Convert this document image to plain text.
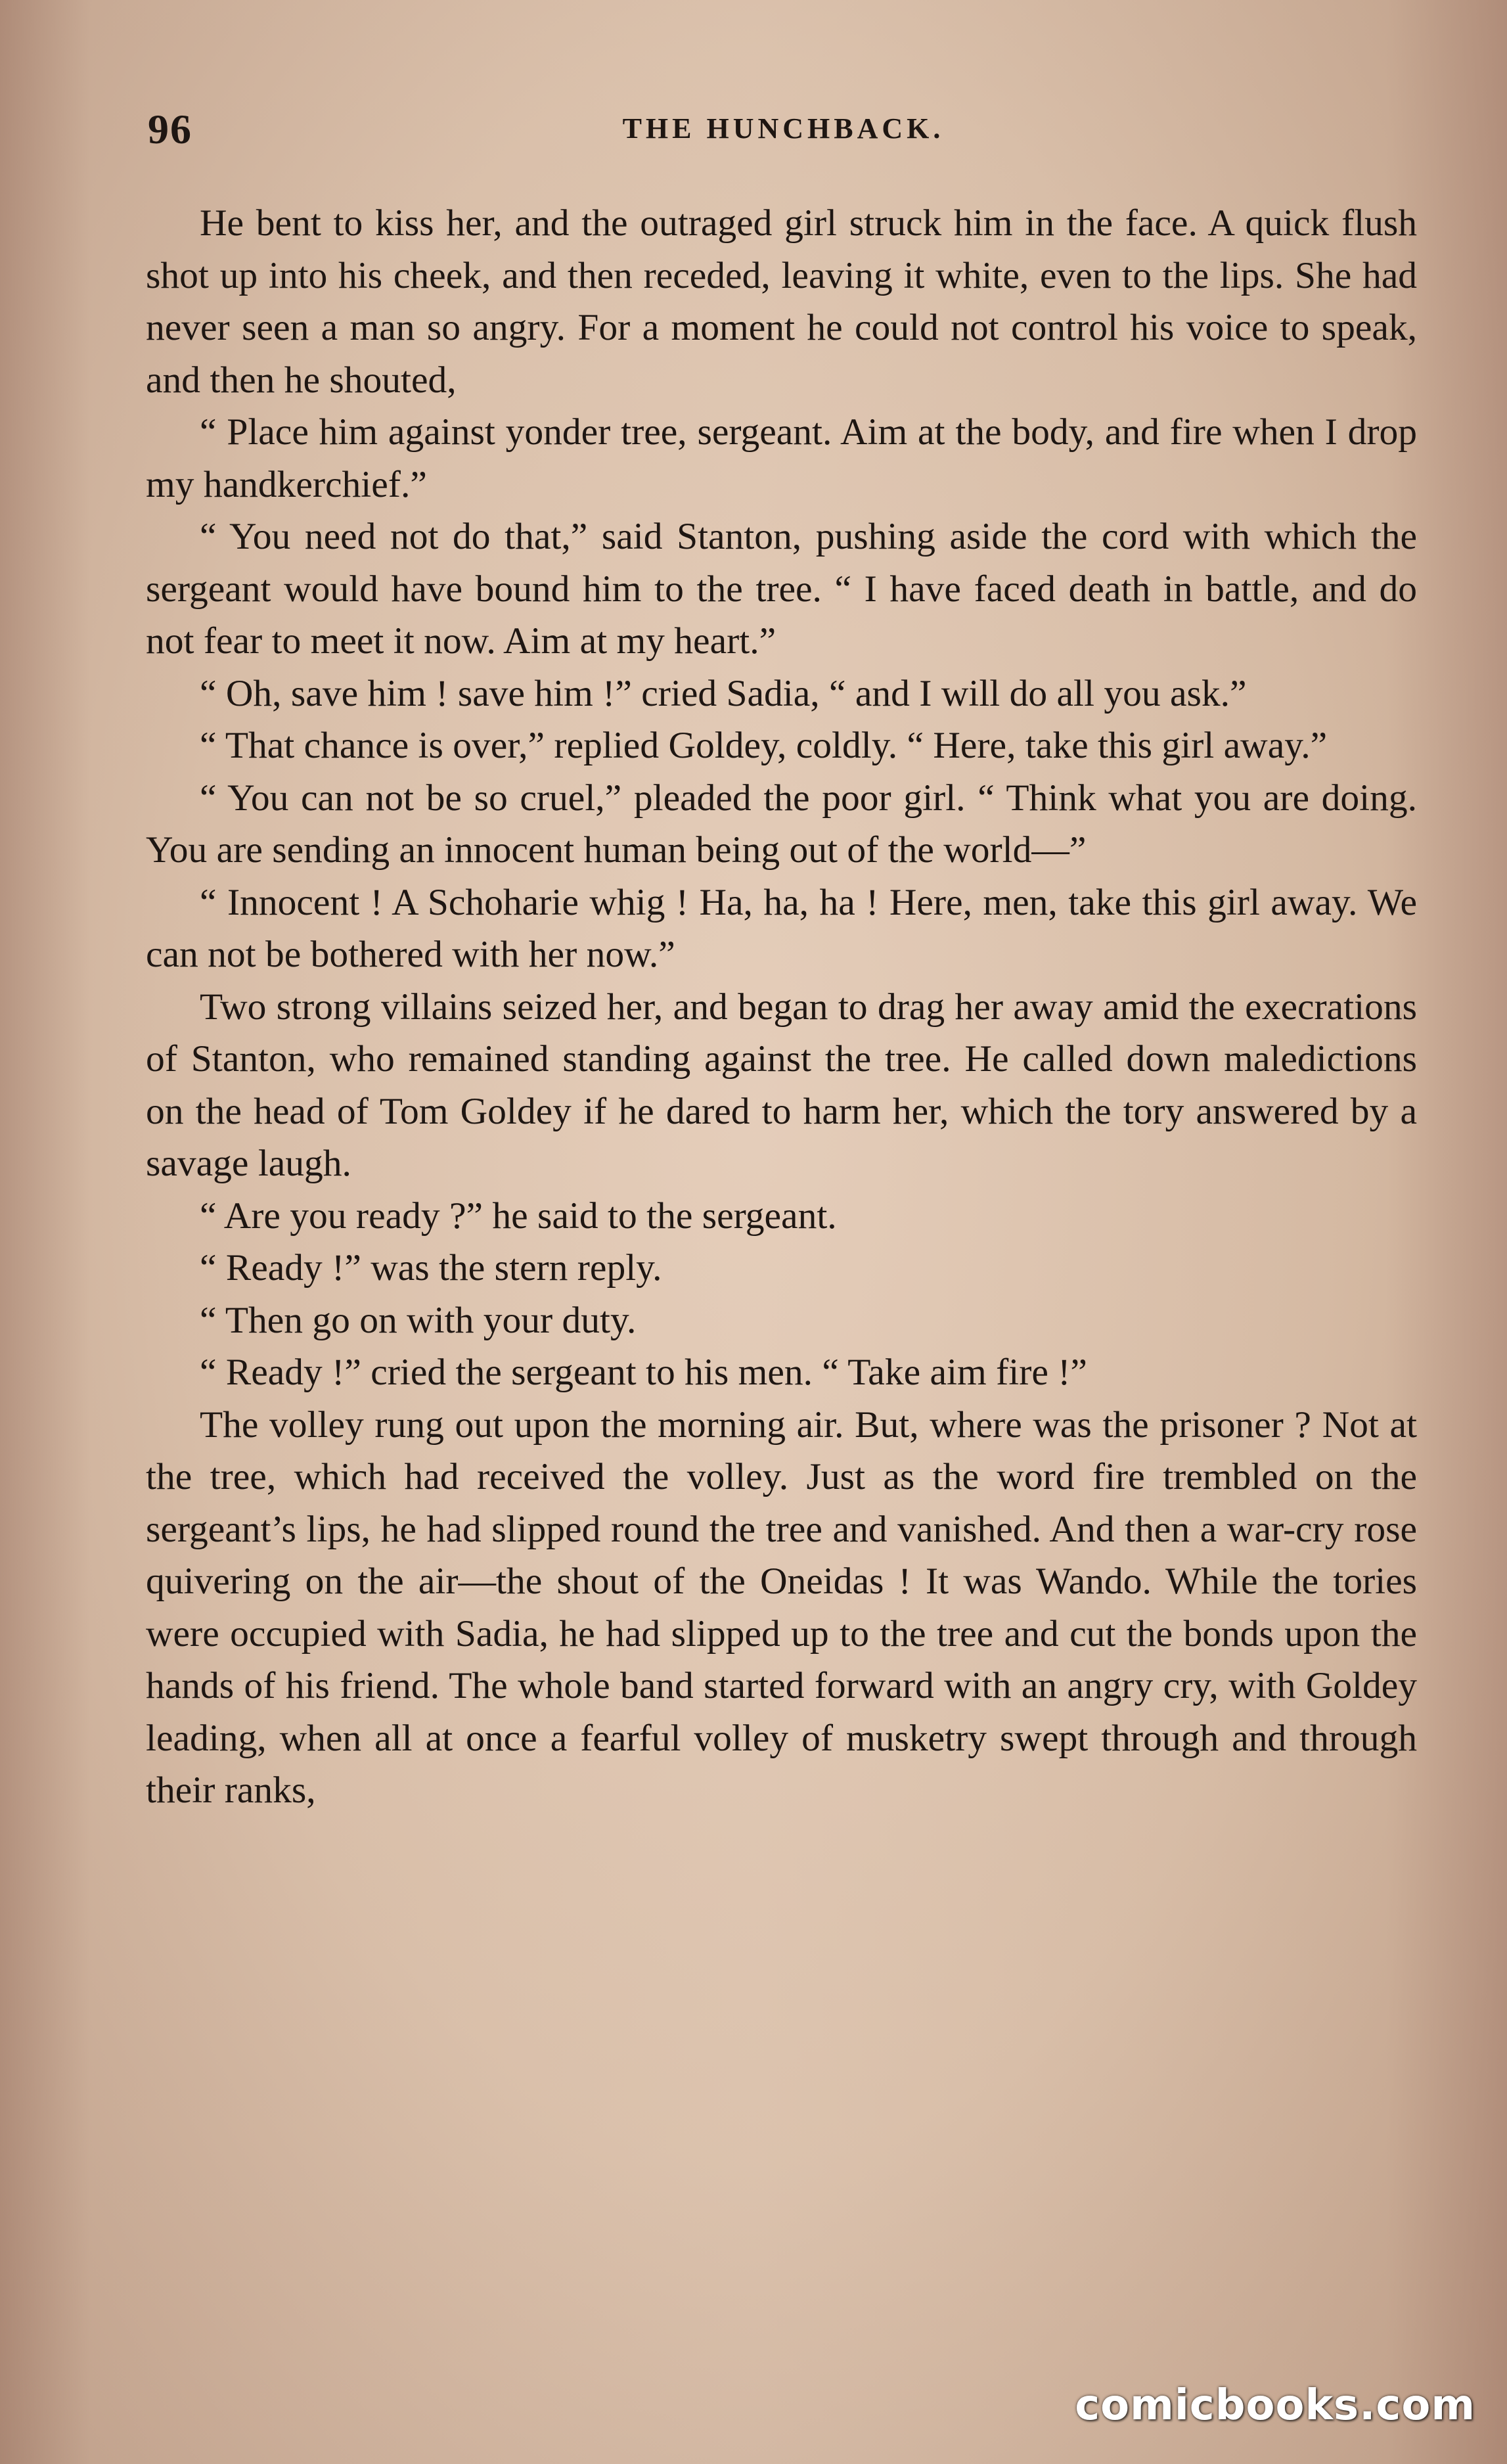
96	THE HUNCHBACK.

He bent to kiss her, and the outraged girl struck him in the face. A quick flush shot up into his cheek, and then receded, leaving it white, even to the lips. She had never seen a man so angry. For a moment he could not control his voice to speak, and then he shouted,

“ Place him against yonder tree, sergeant. Aim at the body, and fire when I drop my handkerchief.”

“ You need not do that,” said Stanton, pushing aside the cord with which the sergeant would have bound him to the tree. “ I have faced death in battle, and do not fear to meet it now. Aim at my heart.”

“ Oh, save him ! save him !” cried Sadia, “ and I will do all you ask.”

“ That chance is over,” replied Goldey, coldly. “ Here, take this girl away.”

“ You can not be so cruel,” pleaded the poor girl. “ Think what you are doing. You are sending an innocent human being out of the world—”

“ Innocent ! A Schoharie whig ! Ha, ha, ha ! Here, men, take this girl away. We can not be bothered with her now.”

Two strong villains seized her, and began to drag her away amid the execrations of Stanton, who remained standing against the tree. He called down maledictions on the head of Tom Goldey if he dared to harm her, which the tory answered by a savage laugh.

“ Are you ready ?” he said to the sergeant.

“ Ready !” was the stern reply.

“ Then go on with your duty.

“ Ready !” cried the sergeant to his men. “ Take aim fire !”

The volley rung out upon the morning air. But, where was the prisoner ? Not at the tree, which had received the volley. Just as the word fire trembled on the sergeant’s lips, he had slipped round the tree and vanished. And then a war-cry rose quivering on the air—the shout of the Oneidas ! It was Wando. While the tories were occupied with Sadia, he had slipped up to the tree and cut the bonds upon the hands of his friend. The whole band started forward with an angry cry, with Goldey leading, when all at once a fearful volley of musketry swept through and through their ranks,

comicbooks.com
